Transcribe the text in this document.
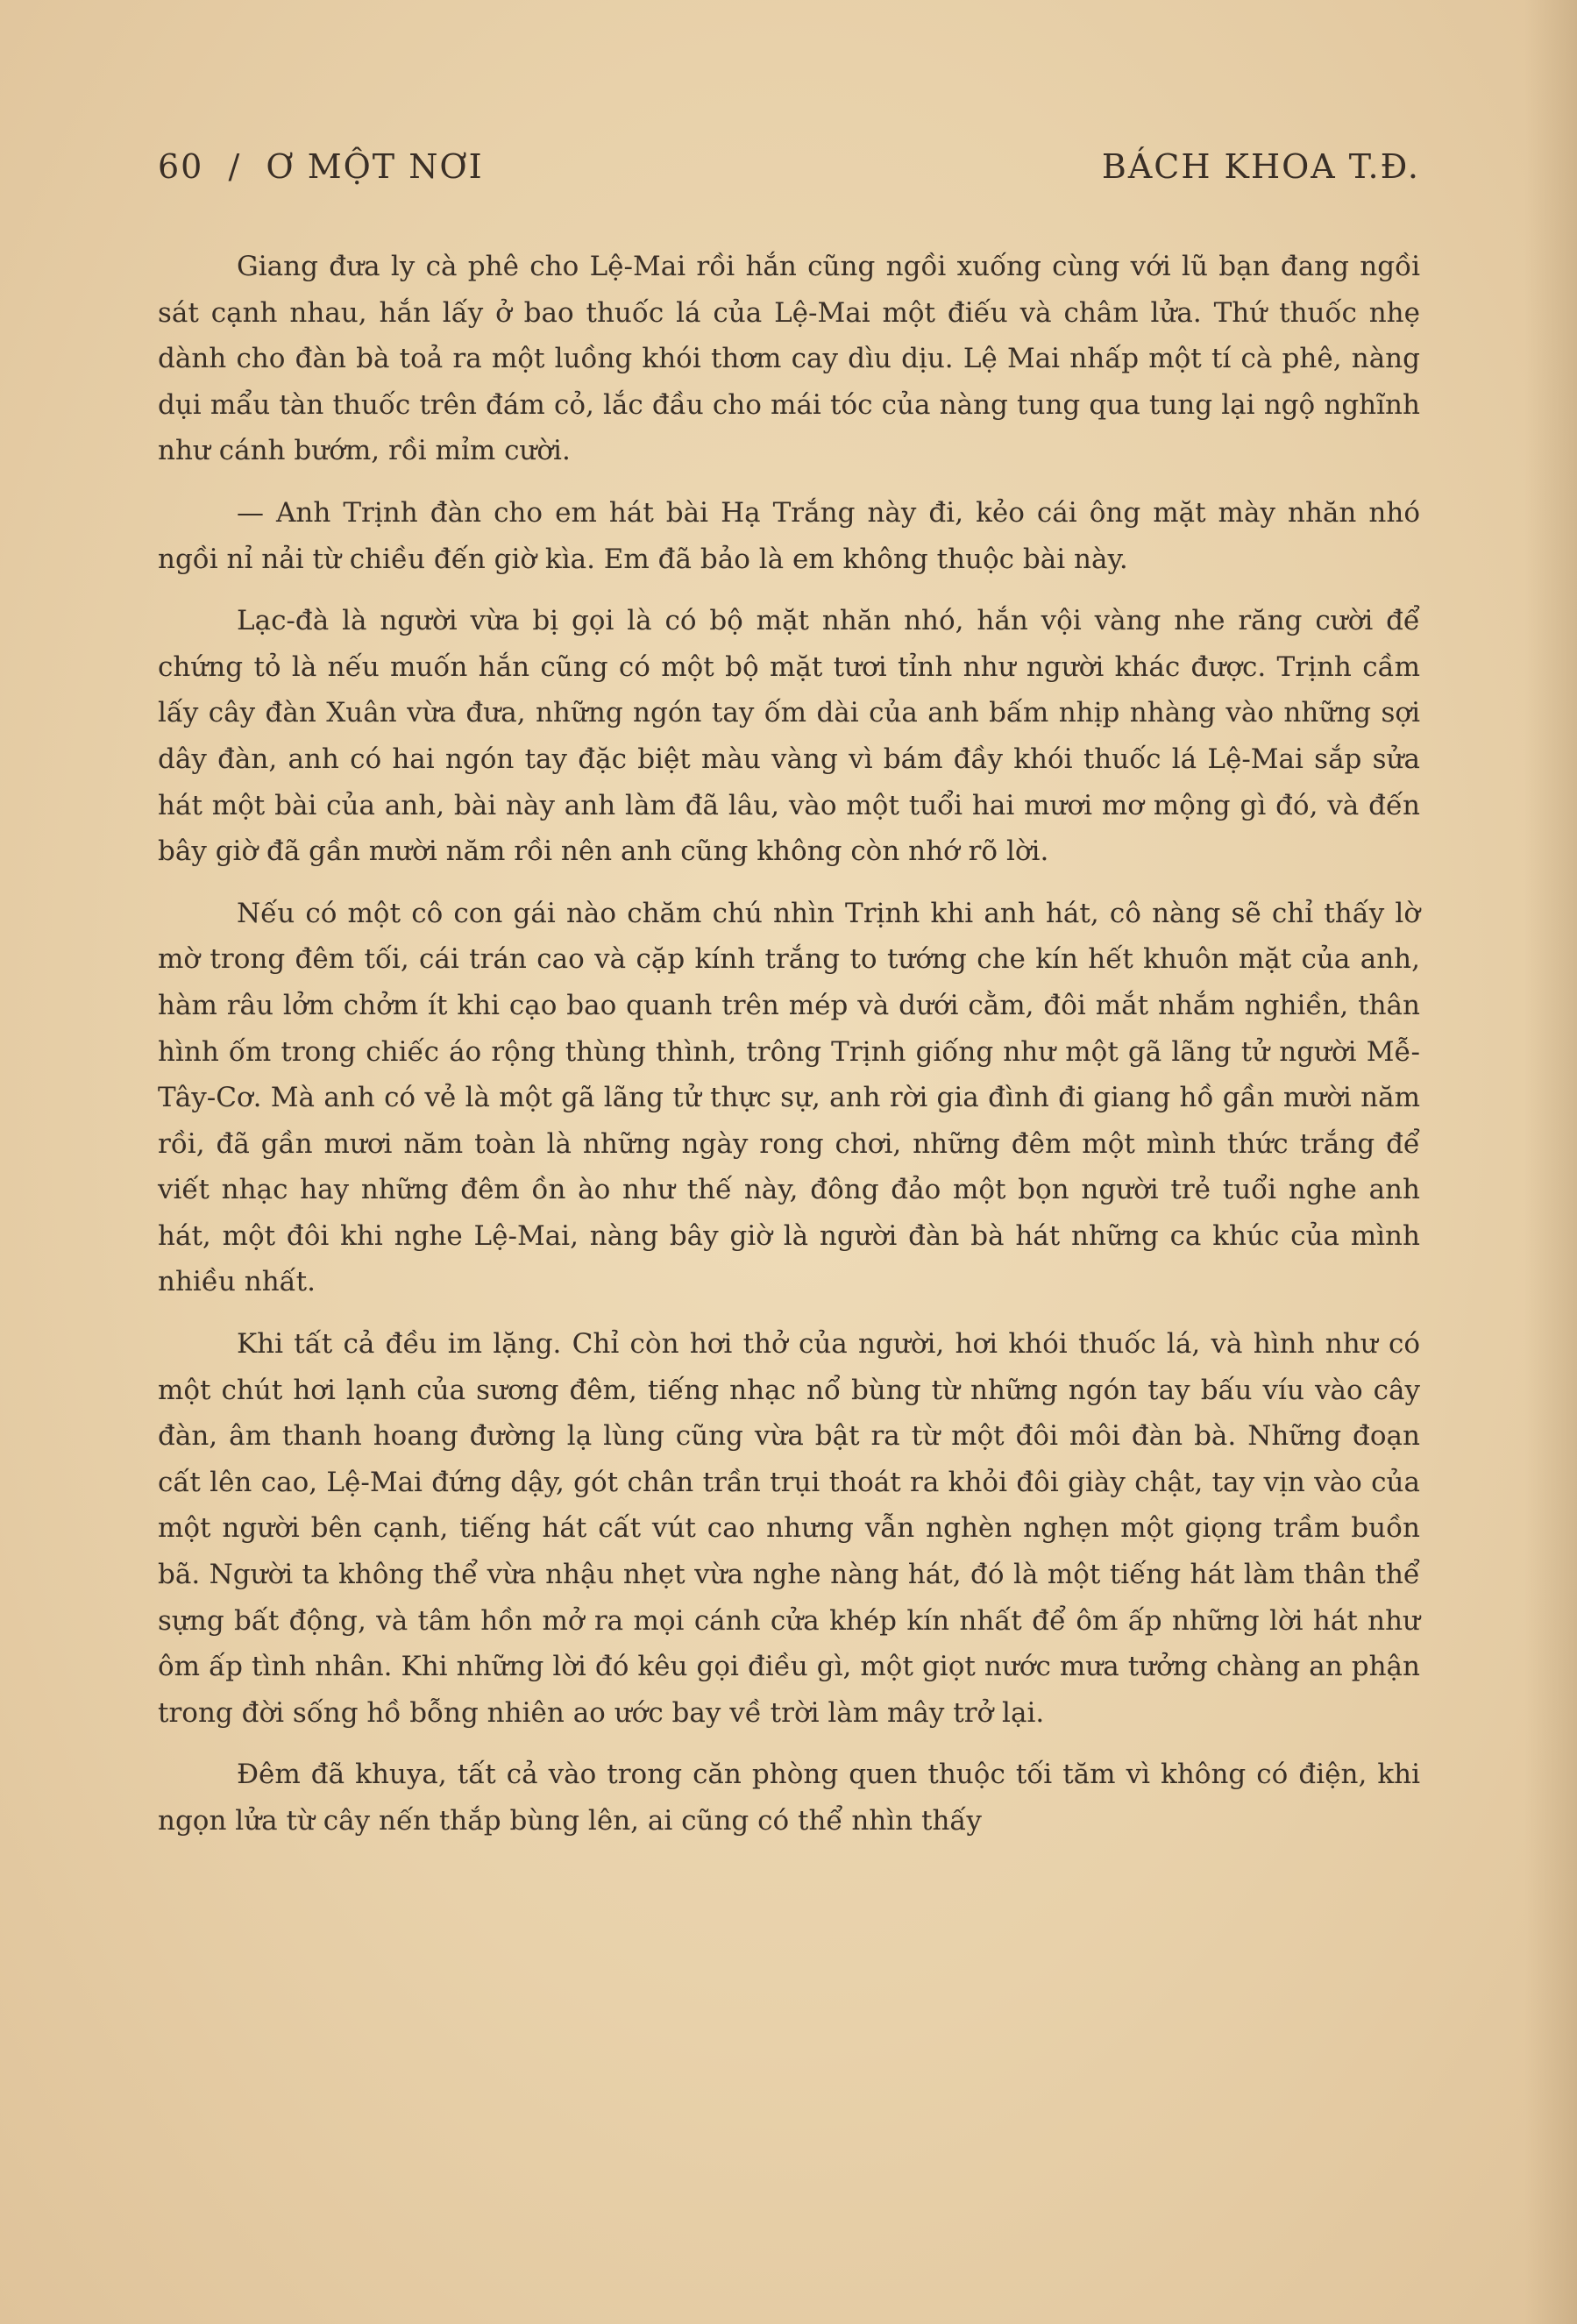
60 / Ơ MỘT NƠI	BÁCH KHOA T.Đ.

Giang đưa ly cà phê cho Lệ-Mai rồi hắn cũng ngồi xuống cùng với lũ bạn đang ngồi sát cạnh nhau, hắn lấy ở bao thuốc lá của Lệ-Mai một điếu và châm lửa. Thứ thuốc nhẹ dành cho đàn bà toả ra một luồng khói thơm cay dìu dịu. Lệ Mai nhấp một tí cà phê, nàng dụi mẩu tàn thuốc trên đám cỏ, lắc đầu cho mái tóc của nàng tung qua tung lại ngộ nghĩnh như cánh bướm, rồi mỉm cười.

— Anh Trịnh đàn cho em hát bài Hạ Trắng này đi, kẻo cái ông mặt mày nhăn nhó ngồi nỉ nải từ chiều đến giờ kìa. Em đã bảo là em không thuộc bài này.

Lạc-đà là người vừa bị gọi là có bộ mặt nhăn nhó, hắn vội vàng nhe răng cười để chứng tỏ là nếu muốn hắn cũng có một bộ mặt tươi tỉnh như người khác được. Trịnh cầm lấy cây đàn Xuân vừa đưa, những ngón tay ốm dài của anh bấm nhịp nhàng vào những sợi dây đàn, anh có hai ngón tay đặc biệt màu vàng vì bám đầy khói thuốc lá Lệ-Mai sắp sửa hát một bài của anh, bài này anh làm đã lâu, vào một tuổi hai mươi mơ mộng gì đó, và đến bây giờ đã gần mười năm rồi nên anh cũng không còn nhớ rõ lời.

Nếu có một cô con gái nào chăm chú nhìn Trịnh khi anh hát, cô nàng sẽ chỉ thấy lờ mờ trong đêm tối, cái trán cao và cặp kính trắng to tướng che kín hết khuôn mặt của anh, hàm râu lởm chởm ít khi cạo bao quanh trên mép và dưới cằm, đôi mắt nhắm nghiền, thân hình ốm trong chiếc áo rộng thùng thình, trông Trịnh giống như một gã lãng tử người Mễ-Tây-Cơ. Mà anh có vẻ là một gã lãng tử thực sự, anh rời gia đình đi giang hồ gần mười năm rồi, đã gần mươi năm toàn là những ngày rong chơi, những đêm một mình thức trắng để viết nhạc hay những đêm ồn ào như thế này, đông đảo một bọn người trẻ tuổi nghe anh hát, một đôi khi nghe Lệ-Mai, nàng bây giờ là người đàn bà hát những ca khúc của mình nhiều nhất.

Khi tất cả đều im lặng. Chỉ còn hơi thở của người, hơi khói thuốc lá, và hình như có một chút hơi lạnh của sương đêm, tiếng nhạc nổ bùng từ những ngón tay bấu víu vào cây đàn, âm thanh hoang đường lạ lùng cũng vừa bật ra từ một đôi môi đàn bà. Những đoạn cất lên cao, Lệ-Mai đứng dậy, gót chân trần trụi thoát ra khỏi đôi giày chật, tay vịn vào của một người bên cạnh, tiếng hát cất vút cao nhưng vẫn nghèn nghẹn một giọng trầm buồn bã. Người ta không thể vừa nhậu nhẹt vừa nghe nàng hát, đó là một tiếng hát làm thân thể sựng bất động, và tâm hồn mở ra mọi cánh cửa khép kín nhất để ôm ấp những lời hát như ôm ấp tình nhân. Khi những lời đó kêu gọi điều gì, một giọt nước mưa tưởng chàng an phận trong đời sống hồ bỗng nhiên ao ước bay về trời làm mây trở lại.

Đêm đã khuya, tất cả vào trong căn phòng quen thuộc tối tăm vì không có điện, khi ngọn lửa từ cây nến thắp bùng lên, ai cũng có thể nhìn thấy
